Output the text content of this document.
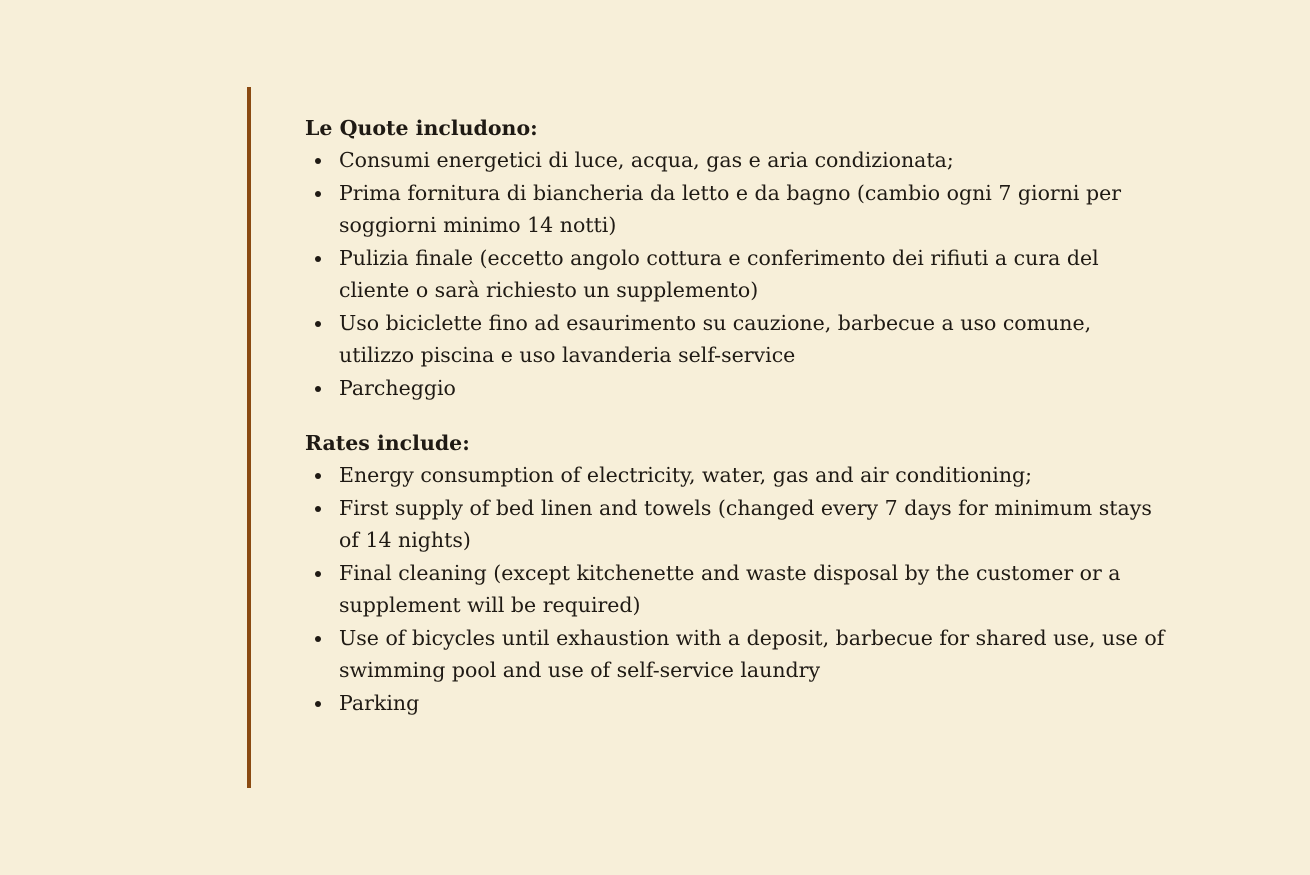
Le Quote includono:

Consumi energetici di luce, acqua, gas e aria condizionata;
Prima fornitura di biancheria da letto e da bagno (cambio ogni 7 giorni per soggiorni minimo 14 notti)
Pulizia finale (eccetto angolo cottura e conferimento dei rifiuti a cura del cliente o sarà richiesto un supplemento)
Uso biciclette fino ad esaurimento su cauzione, barbecue a uso comune, utilizzo piscina e uso lavanderia self-service
Parcheggio

Rates include:

Energy consumption of electricity, water, gas and air conditioning;
First supply of bed linen and towels (changed every 7 days for minimum stays of 14 nights)
Final cleaning (except kitchenette and waste disposal by the customer or a supplement will be required)
Use of bicycles until exhaustion with a deposit, barbecue for shared use, use of swimming pool and use of self-service laundry
Parking
